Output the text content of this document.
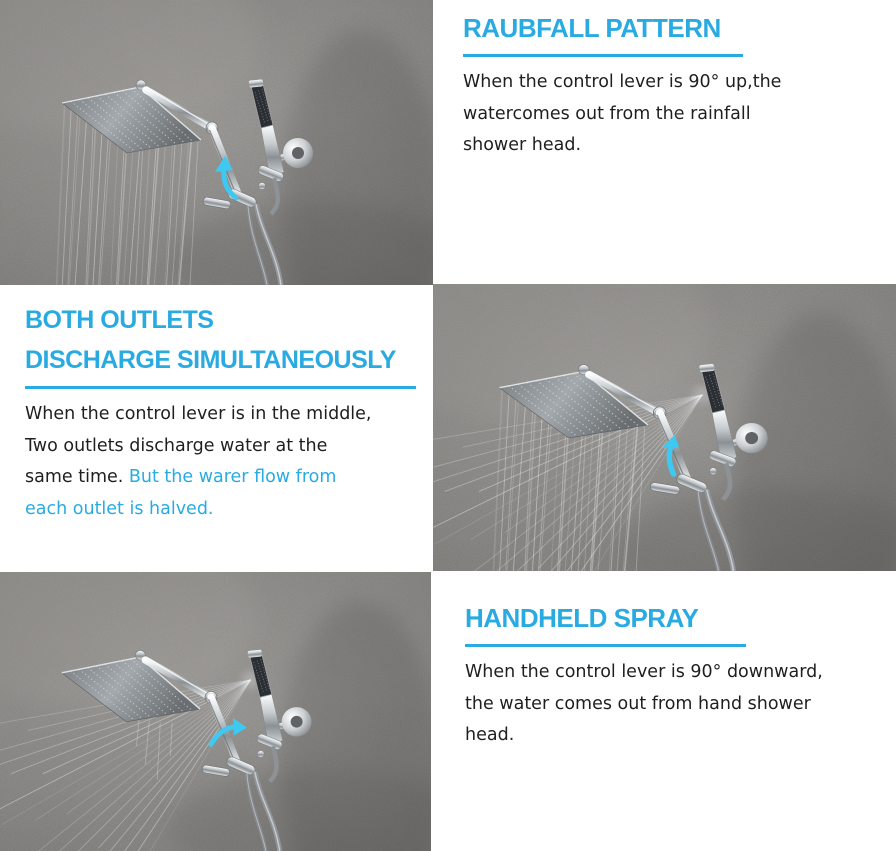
RAUBFALL PATTERN

When the control lever is 90° up,the

watercomes out from the rainfall

shower head.

BOTH OUTLETS
DISCHARGE SIMULTANEOUSLY

When the control lever is in the middle,

Two outlets discharge water at the

same time. But the warer flow from

each outlet is halved.

HANDHELD SPRAY

When the control lever is 90° downward,

the water comes out from hand shower

head.
